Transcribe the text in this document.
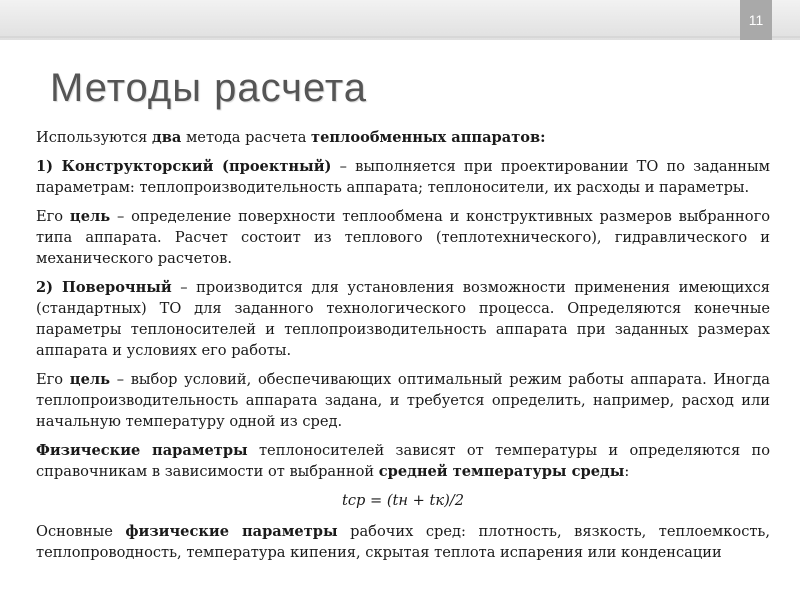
11
Методы расчета

Используются два метода расчета теплообменных аппаратов:

1) Конструкторский (проектный) – выполняется при проектировании ТО по заданным параметрам: теплопроизводительность аппарата; теплоносители, их расходы и параметры.

Его цель – определение поверхности теплообмена и конструктивных размеров выбранного типа аппарата. Расчет состоит из теплового (теплотехнического), гидравлического и механического расчетов.

2) Поверочный – производится для установления возможности применения имеющихся (стандартных) ТО для заданного технологического процесса. Определяются конечные параметры теплоносителей и теплопроизводительность аппарата при заданных размерах аппарата и условиях его работы.

Его цель – выбор условий, обеспечивающих оптимальный режим работы аппарата. Иногда теплопроизводительность аппарата задана, и требуется определить, например, расход или начальную температуру одной из сред.

Физические параметры теплоносителей зависят от температуры и определяются по справочникам в зависимости от выбранной средней температуры среды:

tср = (tн + tк)/2

Основные физические параметры рабочих сред: плотность, вязкость, теплоемкость, теплопроводность, температура кипения, скрытая теплота испарения или конденсации
